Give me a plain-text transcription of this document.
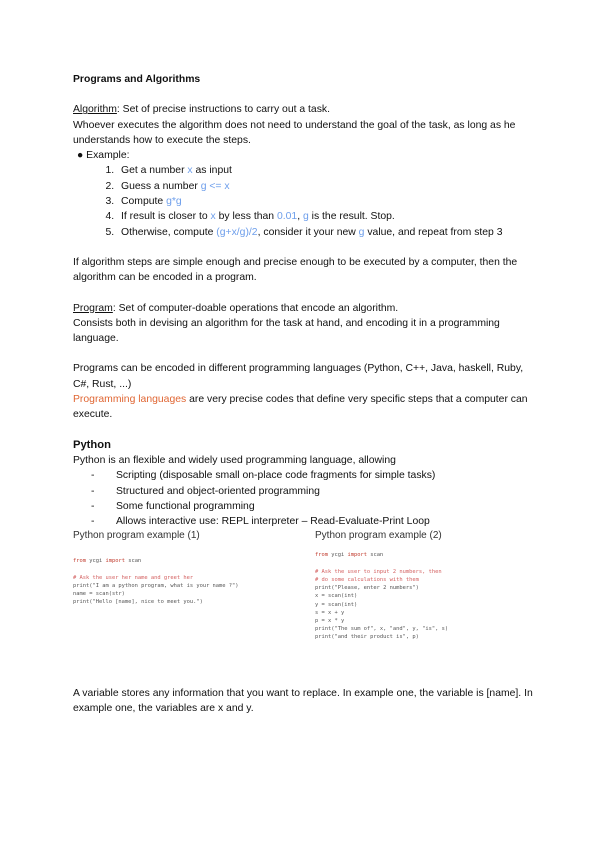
Programs and Algorithms

Algorithm: Set of precise instructions to carry out a task.

Whoever executes the algorithm does not need to understand the goal of the task, as long as he understands how to execute the steps.

● Example:

1. Get a number x as input
2. Guess a number g <= x
3. Compute g*g
4. If result is closer to x by less than 0.01, g is the result. Stop.
5. Otherwise, compute (g+x/g)/2, consider it your new g value, and repeat from step 3

If algorithm steps are simple enough and precise enough to be executed by a computer, then the algorithm can be encoded in a program.

Program: Set of computer-doable operations that encode an algorithm.

Consists both in devising an algorithm for the task at hand, and encoding it in a programming language.

Programs can be encoded in different programming languages (Python, C++, Java, haskell, Ruby, C#, Rust, ...)

Programming languages are very precise codes that define very specific steps that a computer can execute.

Python

Python is an flexible and widely used programming language, allowing

- Scripting (disposable small on-place code fragments for simple tasks)
- Structured and object-oriented programming
- Some functional programming
- Allows interactive use: REPL interpreter – Read-Evaluate-Print Loop
Python program example (1)
from ycgi import scan
# Ask the user her name and greet her
print("I am a python program, what is your name ?")
name = scan(str)
print("Hello [name], nice to meet you.")
Python program example (2)
from ycgi import scan
# Ask the user to input 2 numbers, then
# do some calculations with them
print("Please, enter 2 numbers")
x = scan(int)
y = scan(int)
s = x + y
p = x * y
print("The sum of", x, "and", y, "is", s)
print("and their product is", p)

A variable stores any information that you want to replace. In example one, the variable is [name]. In example one, the variables are x and y.
